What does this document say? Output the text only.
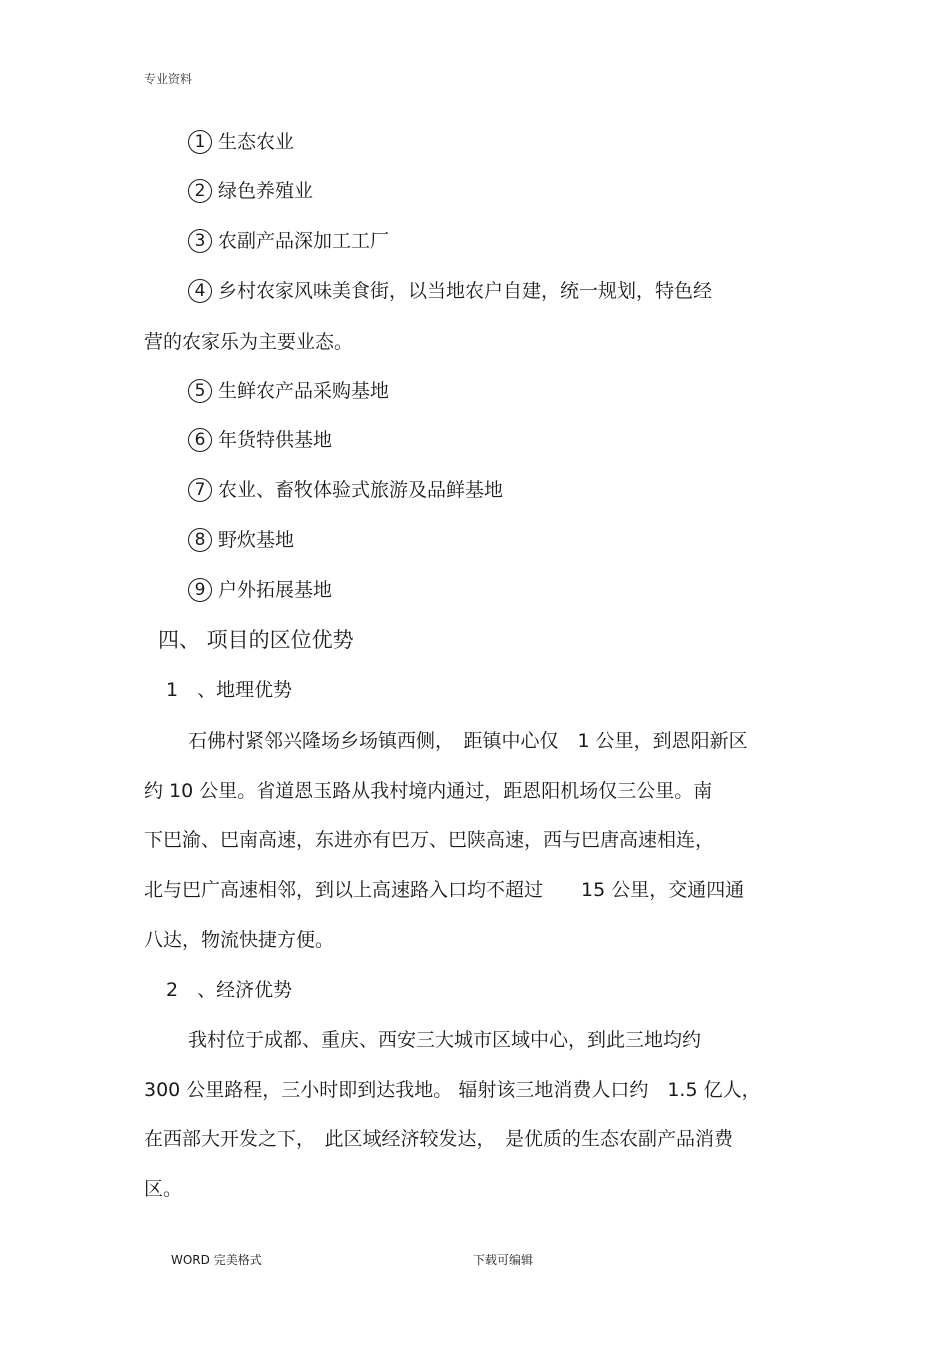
专业资料
1 生态农业
2 绿色养殖业
3 农副产品深加工工厂
4 乡村农家风味美食街，以当地农户自建，统一规划，特色经
营的农家乐为主要业态。
5 生鲜农产品采购基地
6 年货特供基地
7 农业、畜牧体验式旅游及品鲜基地
8 野炊基地
9 户外拓展基地
四、 项目的区位优势
1　、地理优势
石佛村紧邻兴隆场乡场镇西侧，　距镇中心仅　1 公里，到恩阳新区
约 10 公里。省道恩玉路从我村境内通过，距恩阳机场仅三公里。南
下巴渝、巴南高速，东进亦有巴万、巴陕高速，西与巴唐高速相连，
北与巴广高速相邻，到以上高速路入口均不超过　　15 公里，交通四通
八达，物流快捷方便。
2　、经济优势
我村位于成都、重庆、西安三大城市区域中心，到此三地均约
300 公里路程，三小时即到达我地。 辐射该三地消费人口约　1.5 亿人，
在西部大开发之下，　此区域经济较发达，　是优质的生态农副产品消费
区。
WORD 完美格式	下载可编辑
